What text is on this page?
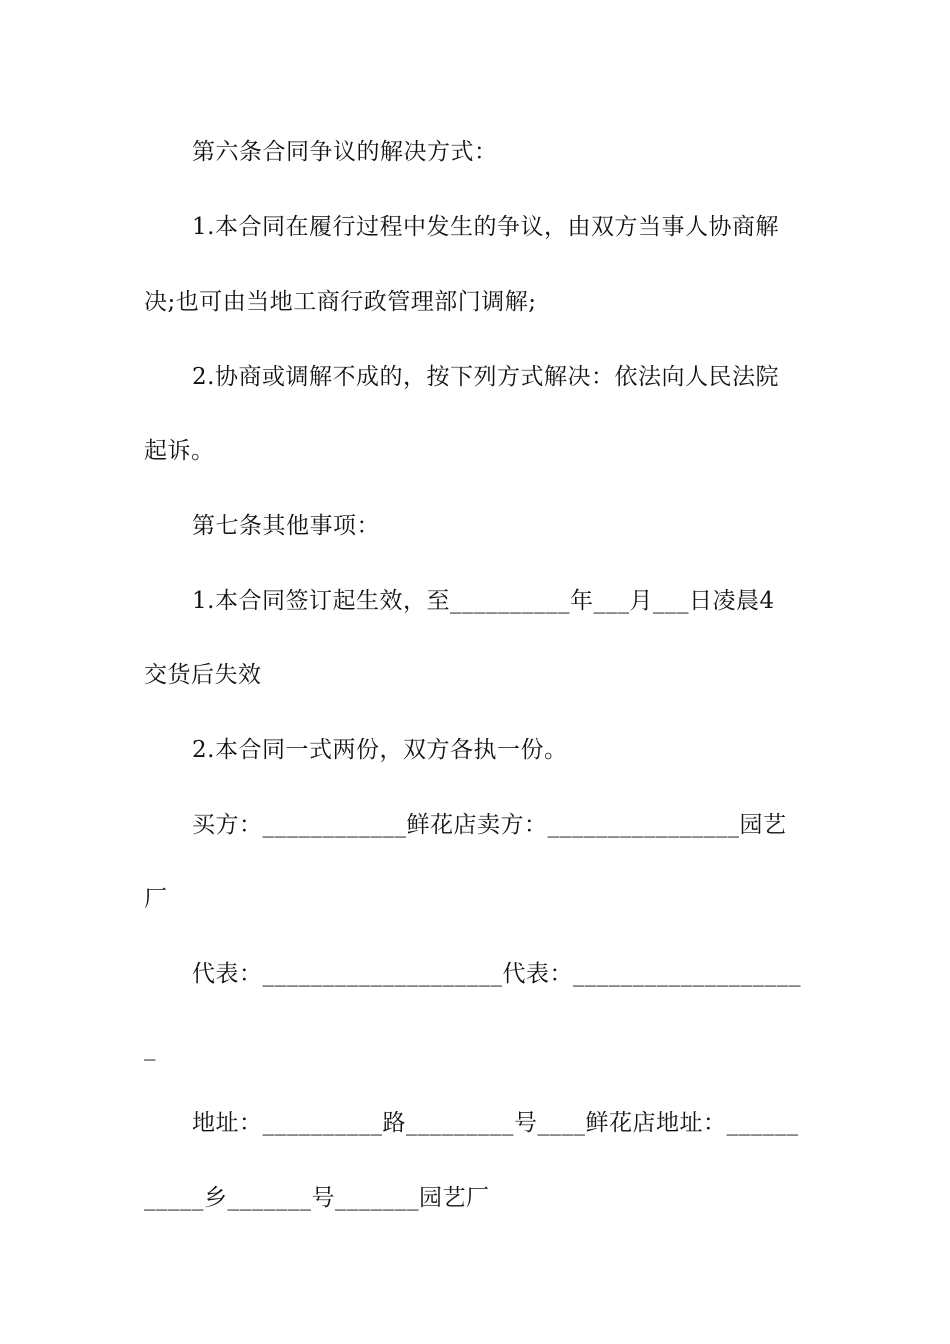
第六条合同争议的解决方式：
1.本合同在履行过程中发生的争议，由双方当事人协商解
决;也可由当地工商行政管理部门调解;
2.协商或调解不成的，按下列方式解决：依法向人民法院
起诉。
第七条其他事项：
1.本合同签订起生效，至__________年___月___日凌晨4
交货后失效
2.本合同一式两份，双方各执一份。
买方：____________鲜花店卖方：________________园艺
厂
代表：____________________代表：___________________
_
地址：__________路_________号____鲜花店地址：______
_____乡_______号_______园艺厂
